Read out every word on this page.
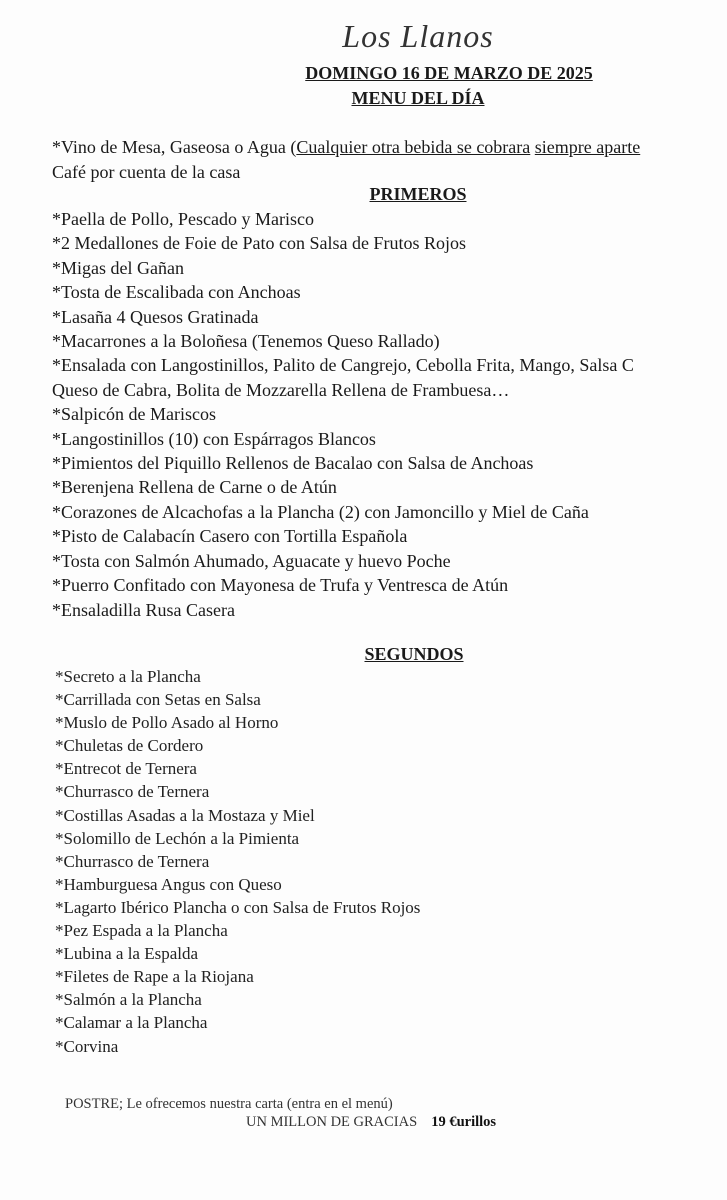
Los Llanos
DOMINGO 16 DE MARZO DE 2025
MENU DEL DÍA
*Vino de Mesa, Gaseosa o Agua (Cualquier otra bebida se cobrara siempre aparte
Café por cuenta de la casa
PRIMEROS
*Paella de Pollo, Pescado y Marisco
*2 Medallones de Foie de Pato con Salsa de Frutos Rojos
*Migas del Gañan
*Tosta de Escalibada con Anchoas
*Lasaña 4 Quesos Gratinada
*Macarrones a la Boloñesa (Tenemos Queso Rallado)
*Ensalada con Langostinillos, Palito de Cangrejo, Cebolla Frita, Mango, Salsa C
Queso de Cabra, Bolita de Mozzarella Rellena de Frambuesa…
*Salpicón de Mariscos
*Langostinillos (10) con Espárragos Blancos
*Pimientos del Piquillo Rellenos de Bacalao con Salsa de Anchoas
*Berenjena Rellena de Carne o de Atún
*Corazones de Alcachofas a la Plancha (2) con Jamoncillo y Miel de Caña
*Pisto de Calabacín Casero con Tortilla Española
*Tosta con Salmón Ahumado, Aguacate y huevo Poche
*Puerro Confitado con Mayonesa de Trufa y Ventresca de Atún
*Ensaladilla Rusa Casera
SEGUNDOS
*Secreto a la Plancha
*Carrillada con Setas en Salsa
*Muslo de Pollo Asado al Horno
*Chuletas de Cordero
*Entrecot de Ternera
*Churrasco de Ternera
*Costillas Asadas a la Mostaza y Miel
*Solomillo de Lechón a la Pimienta
*Churrasco de Ternera
*Hamburguesa Angus con Queso
*Lagarto Ibérico Plancha o con Salsa de Frutos Rojos
*Pez Espada a la Plancha
*Lubina a la Espalda
*Filetes de Rape a la Riojana
*Salmón a la Plancha
*Calamar a la Plancha
*Corvina
POSTRE; Le ofrecemos nuestra carta (entra en el menú)
UN MILLON DE GRACIAS 19 €urillos
